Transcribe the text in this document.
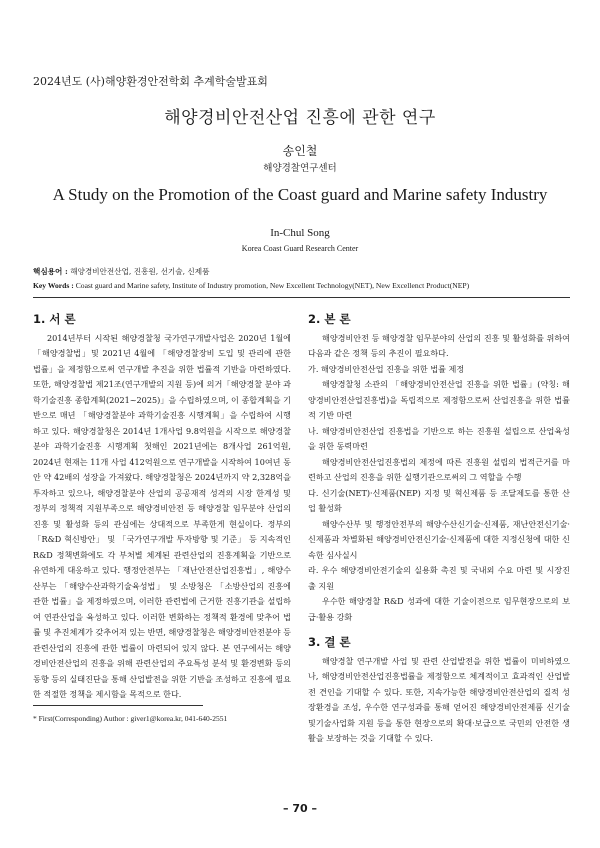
2024년도 (사)해양환경안전학회 추계학술발표회
해양경비안전산업 진흥에 관한 연구
송인철
해양경찰연구센터
A Study on the Promotion of the Coast guard and Marine safety Industry
In-Chul Song
Korea Coast Guard Research Center
핵심용어 : 해양경비안전산업, 진흥원, 선기술, 신제품
Key Words : Coast guard and Marine safety, Institute of Industry promotion, New Excellent Technology(NET), New Excellenct Product(NEP)
1. 서 론

2014년부터 시작된 해양경찰청 국가연구개발사업은 2020년 1월에「해양경찰법」및 2021년 4월에 「해양경찰장비 도입 및 관리에 관한 법률」을 제정함으로써 연구개발 추진을 위한 법률적 기반을 마련하였다. 또한, 해양경찰법 제21조(연구개발의 지원 등)에 의거「해양경찰 분야 과학기술진흥 종합계획(2021~2025)」을 수립하였으며, 이 종합계획을 기반으로 매년 「해양경찰분야 과학기술진흥 시행계획」을 수립하여 시행하고 있다. 해양경찰청은 2014년 1개사업 9.8억원을 시작으로 해양경찰분야 과학기술진흥 시행계획 첫해인 2021년에는 8개사업 261억원, 2024년 현재는 11개 사업 412억원으로 연구개발을 시작하여 10여년 동안 약 42배의 성장을 가져왔다. 해양경찰청은 2024년까지 약 2,328억을 투자하고 있으나, 해양경찰분야 산업의 공공재적 성격의 시장 한계성 및 정부의 정책적 지원부족으로 해양경비안전 등 해양경찰 임무분야 산업의 진흥 및 활성화 등의 관심에는 상대적으로 부족한게 현실이다. 정부의 「R&D 혁신방안」 및 「국가연구개발 투자방향 및 기준」 등 지속적인 R&D 정책변화에도 각 부처별 체계된 관련산업의 진흥계획을 기반으로 유연하게 대응하고 있다. 행정안전부는 「재난안전산업진흥법」, 해양수산부는 「해양수산과학기술육성법」 및 소방청은 「소방산업의 진흥에 관한 법률」을 제정하였으며, 이러한 관련법에 근거한 진흥기관을 설립하여 연관산업을 육성하고 있다. 이러한 변화하는 정책적 환경에 맞추어 법률 및 추진체계가 갖추어져 있는 반면, 해양경찰청은 해양경비안전분야 등 관련산업의 진흥에 관한 법률이 마련되어 있지 않다. 본 연구에서는 해양경비안전산업의 진흥을 위해 관련산업의 주요특성 분석 및 환경변화 등의 동향 등의 실태진단을 통해 산업발전을 위한 기반을 조성하고 진흥에 필요한 적절한 정책을 제시함을 목적으로 한다.

2. 본 론

해양경비안전 등 해양경찰 임무분야의 산업의 진흥 및 활성화를 위하여 다음과 같은 정책 등의 추진이 필요하다.

가. 해양경비안전산업 진흥을 위한 법률 제정

해양경찰청 소관의 「해양경비안전산업 진흥을 위한 법률」(약칭: 해양경비안전산업진흥법)을 독립적으로 제정함으로써 산업진흥을 위한 법률적 기반 마련

나. 해양경비안전산업 진흥법을 기반으로 하는 진흥원 설립으로 산업육성을 위한 동력마련

해양경비안전산업진흥법의 제정에 따른 진흥원 설립의 법적근거를 마련하고 산업의 진흥을 위한 실행기관으로써의 그 역할을 수행

다. 신기술(NET)·신제품(NEP) 지정 및 혁신제품 등 조달제도를 통한 산업 활성화

해양수산부 및 행정안전부의 해양수산신기술·신제품, 재난안전신기술·신제품과 차별화된 해양경비안전신기술·신제품에 대한 지정신청에 대한 신속한 심사실시

라. 우수 해양경비안전기술의 실용화 촉진 및 국내외 수요 마련 및 시장진출 지원

우수한 해양경찰 R&D 성과에 대한 기술이전으로 임무현장으로의 보급·활용 강화

3. 결 론

해양경찰 연구개발 사업 및 관련 산업발전을 위한 법률이 미비하였으나, 해양경비안전산업진흥법률을 제정함으로 체계적이고 효과적인 산업발전 견인을 기대할 수 있다. 또한, 지속가능한 해양경비안전산업의 질적 성장환경을 조성, 우수한 연구성과를 통해 얻어진 해양경비안전제품 신기술 및기술사업화 지원 등을 통한 현장으로의 확대·보급으로 국민의 안전한 생활을 보장하는 것을 기대할 수 있다.

* First(Corresponding) Author : giver1@korea.kr, 041-640-2551
– 70 –
